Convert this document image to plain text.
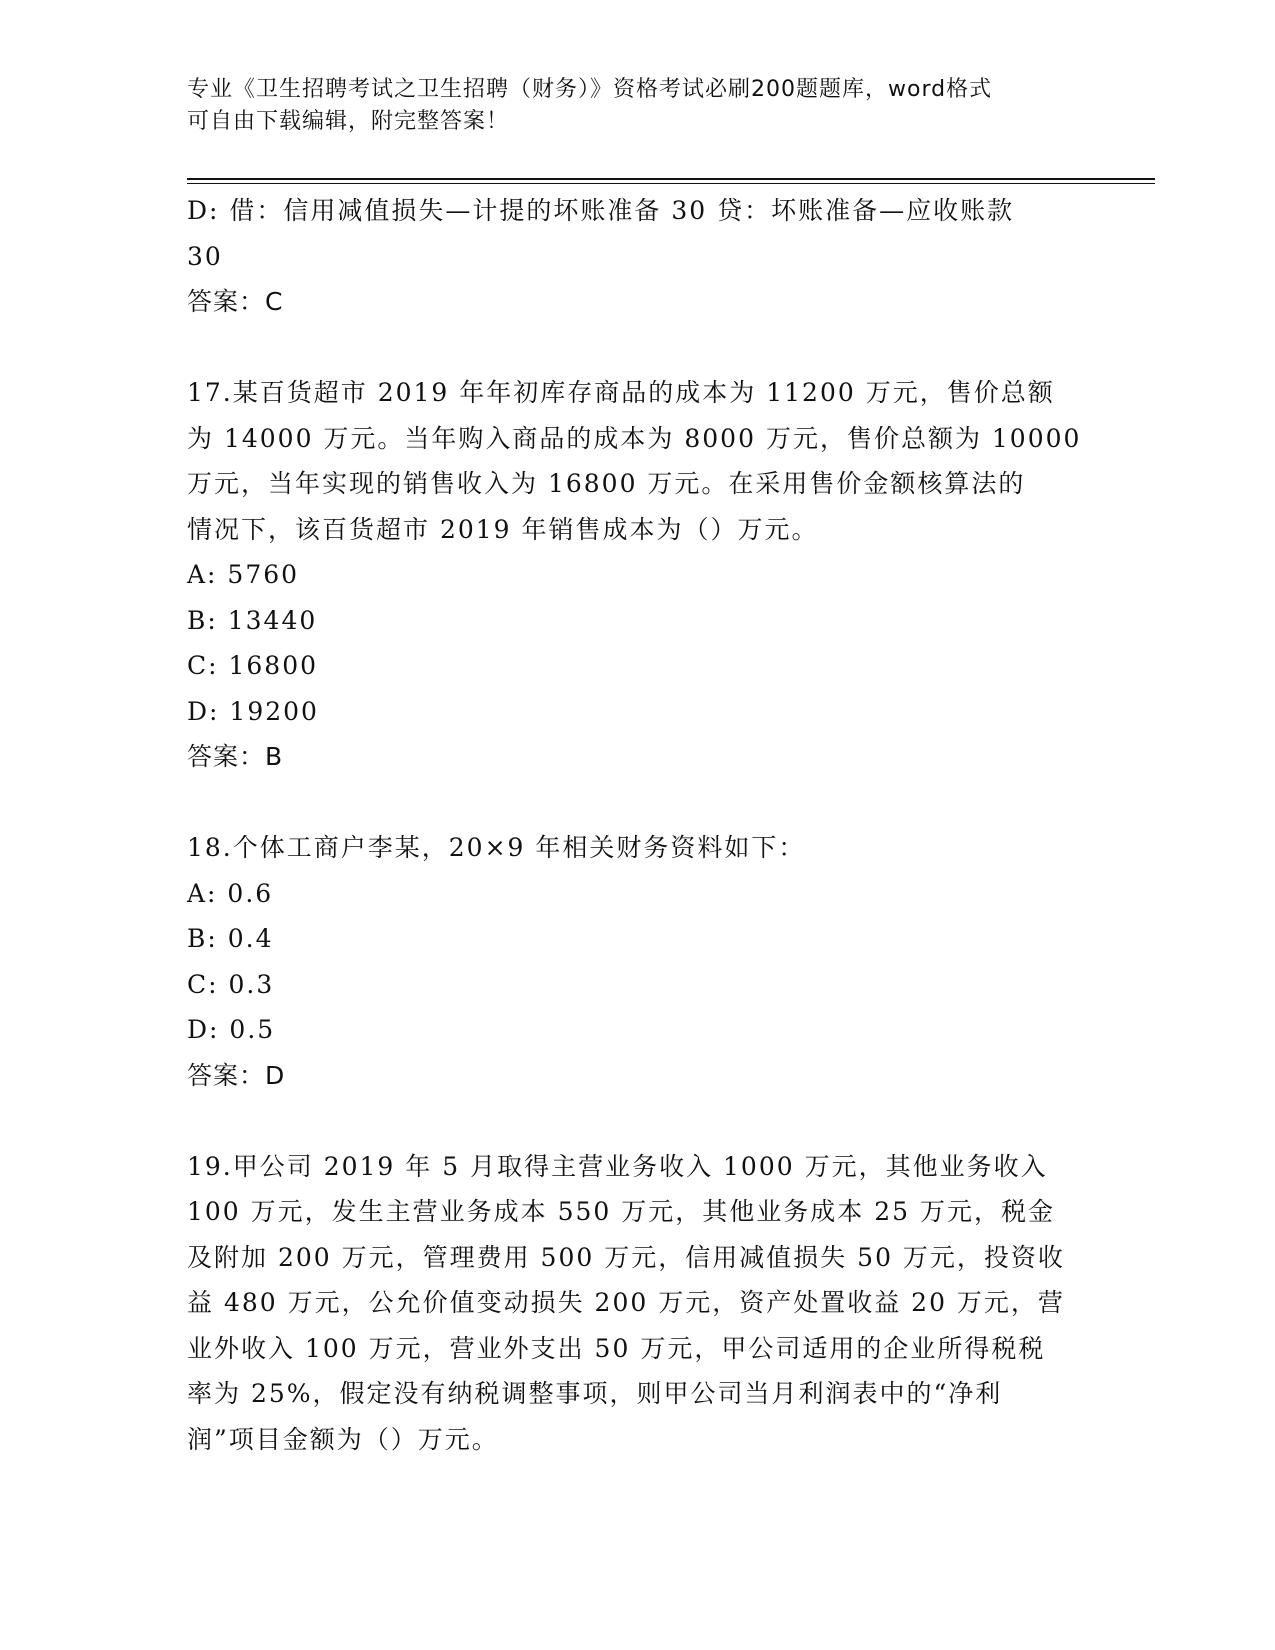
专业《卫生招聘考试之卫生招聘（财务）》资格考试必刷200题题库，word格式
可自由下载编辑，附完整答案！

D: 借：信用减值损失—计提的坏账准备 30 贷：坏账准备—应收账款

30

答案：C

17.某百货超市 2019 年年初库存商品的成本为 11200 万元，售价总额

为 14000 万元。当年购入商品的成本为 8000 万元，售价总额为 10000

万元，当年实现的销售收入为 16800 万元。在采用售价金额核算法的

情况下，该百货超市 2019 年销售成本为（）万元。

A: 5760

B: 13440

C: 16800

D: 19200

答案：B

18.个体工商户李某，20×9 年相关财务资料如下：

A: 0.6

B: 0.4

C: 0.3

D: 0.5

答案：D

19.甲公司 2019 年 5 月取得主营业务收入 1000 万元，其他业务收入

100 万元，发生主营业务成本 550 万元，其他业务成本 25 万元，税金

及附加 200 万元，管理费用 500 万元，信用减值损失 50 万元，投资收

益 480 万元，公允价值变动损失 200 万元，资产处置收益 20 万元，营

业外收入 100 万元，营业外支出 50 万元，甲公司适用的企业所得税税

率为 25%，假定没有纳税调整事项，则甲公司当月利润表中的“净利

润”项目金额为（）万元。
